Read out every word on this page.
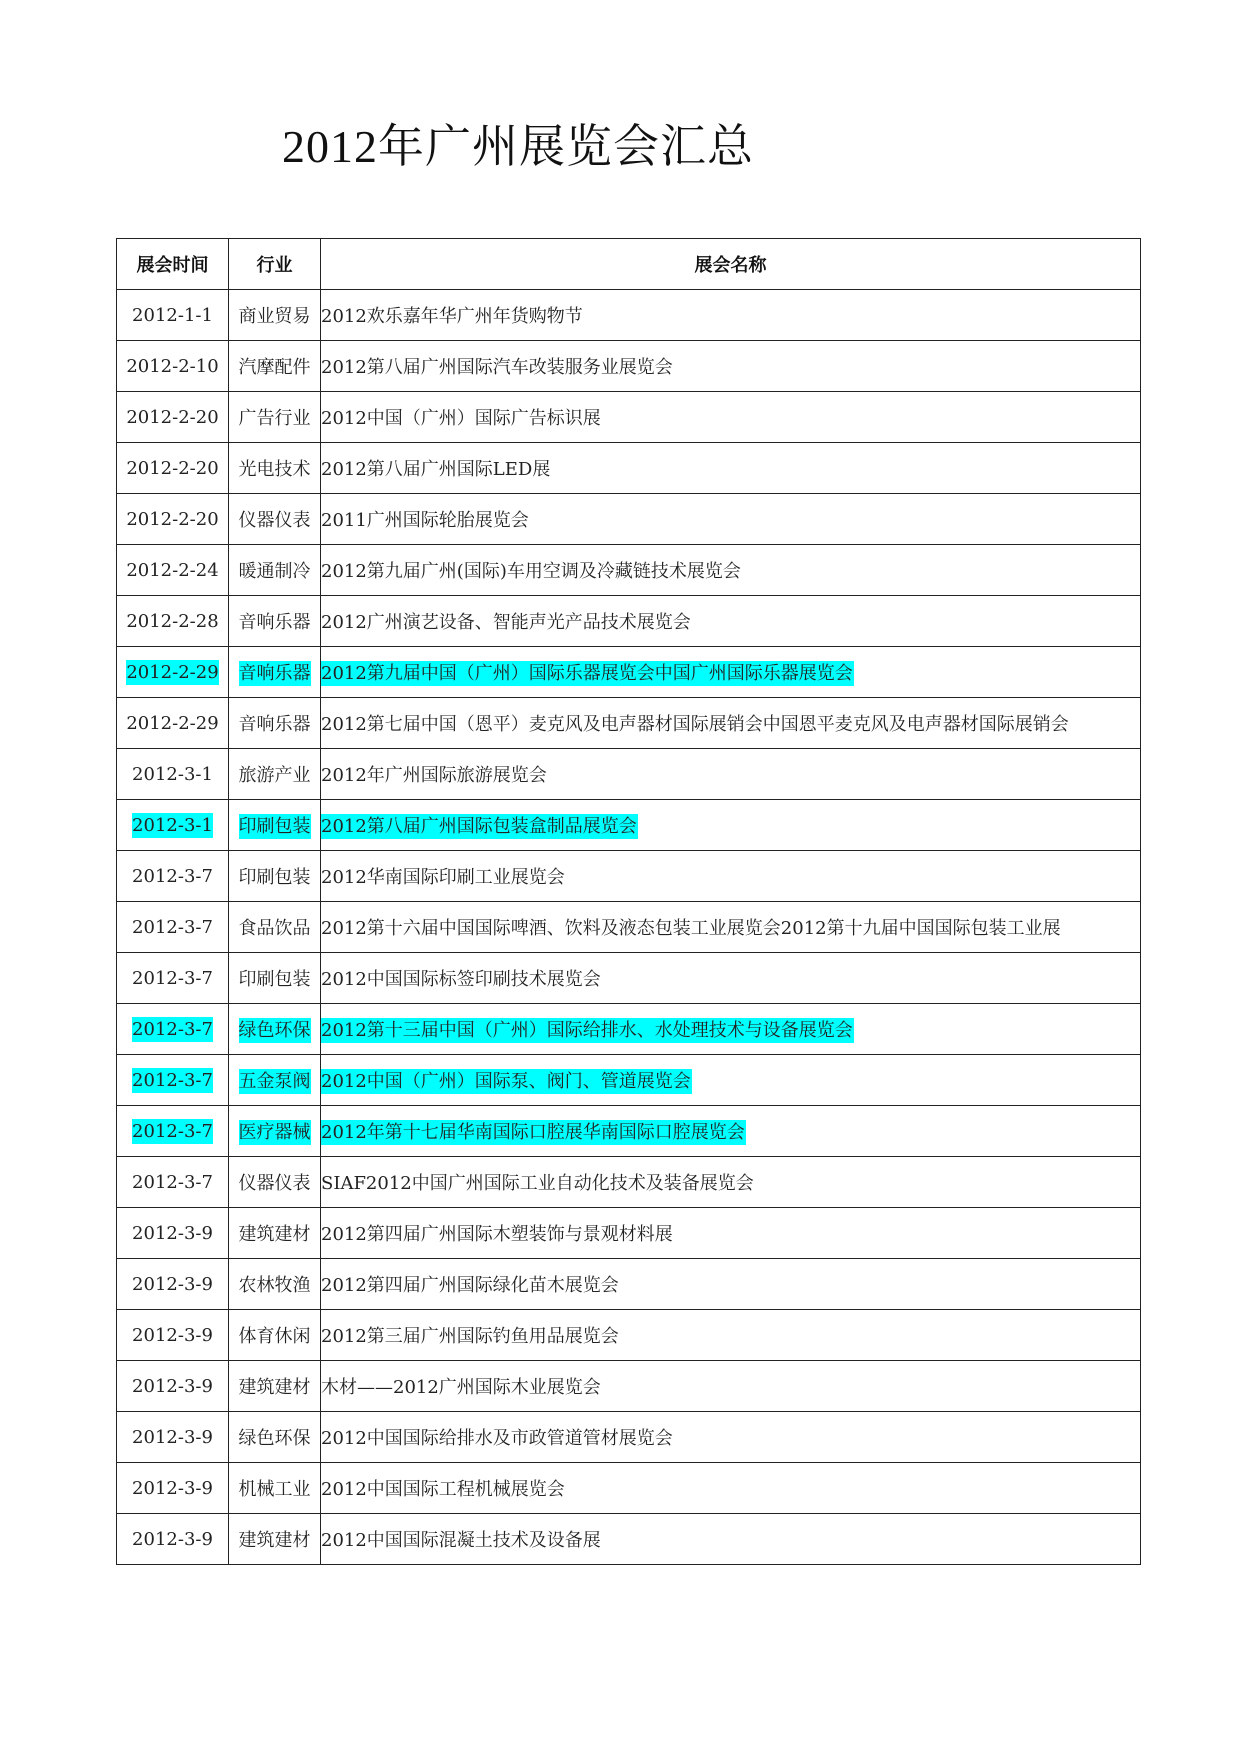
2012年广州展览会汇总
展会时间	行业	展会名称
2012-1-1	商业贸易	2012欢乐嘉年华广州年货购物节
2012-2-10	汽摩配件	2012第八届广州国际汽车改装服务业展览会
2012-2-20	广告行业	2012中国（广州）国际广告标识展
2012-2-20	光电技术	2012第八届广州国际LED展
2012-2-20	仪器仪表	2011广州国际轮胎展览会
2012-2-24	暖通制冷	2012第九届广州(国际)车用空调及冷藏链技术展览会
2012-2-28	音响乐器	2012广州演艺设备、智能声光产品技术展览会
2012-2-29	音响乐器	2012第九届中国（广州）国际乐器展览会中国广州国际乐器展览会
2012-2-29	音响乐器	2012第七届中国（恩平）麦克风及电声器材国际展销会中国恩平麦克风及电声器材国际展销会
2012-3-1	旅游产业	2012年广州国际旅游展览会
2012-3-1	印刷包装	2012第八届广州国际包装盒制品展览会
2012-3-7	印刷包装	2012华南国际印刷工业展览会
2012-3-7	食品饮品	2012第十六届中国国际啤酒、饮料及液态包装工业展览会2012第十九届中国国际包装工业展
2012-3-7	印刷包装	2012中国国际标签印刷技术展览会
2012-3-7	绿色环保	2012第十三届中国（广州）国际给排水、水处理技术与设备展览会
2012-3-7	五金泵阀	2012中国（广州）国际泵、阀门、管道展览会
2012-3-7	医疗器械	2012年第十七届华南国际口腔展华南国际口腔展览会
2012-3-7	仪器仪表	SIAF2012中国广州国际工业自动化技术及装备展览会
2012-3-9	建筑建材	2012第四届广州国际木塑装饰与景观材料展
2012-3-9	农林牧渔	2012第四届广州国际绿化苗木展览会
2012-3-9	体育休闲	2012第三届广州国际钓鱼用品展览会
2012-3-9	建筑建材	木材——2012广州国际木业展览会
2012-3-9	绿色环保	2012中国国际给排水及市政管道管材展览会
2012-3-9	机械工业	2012中国国际工程机械展览会
2012-3-9	建筑建材	2012中国国际混凝土技术及设备展
